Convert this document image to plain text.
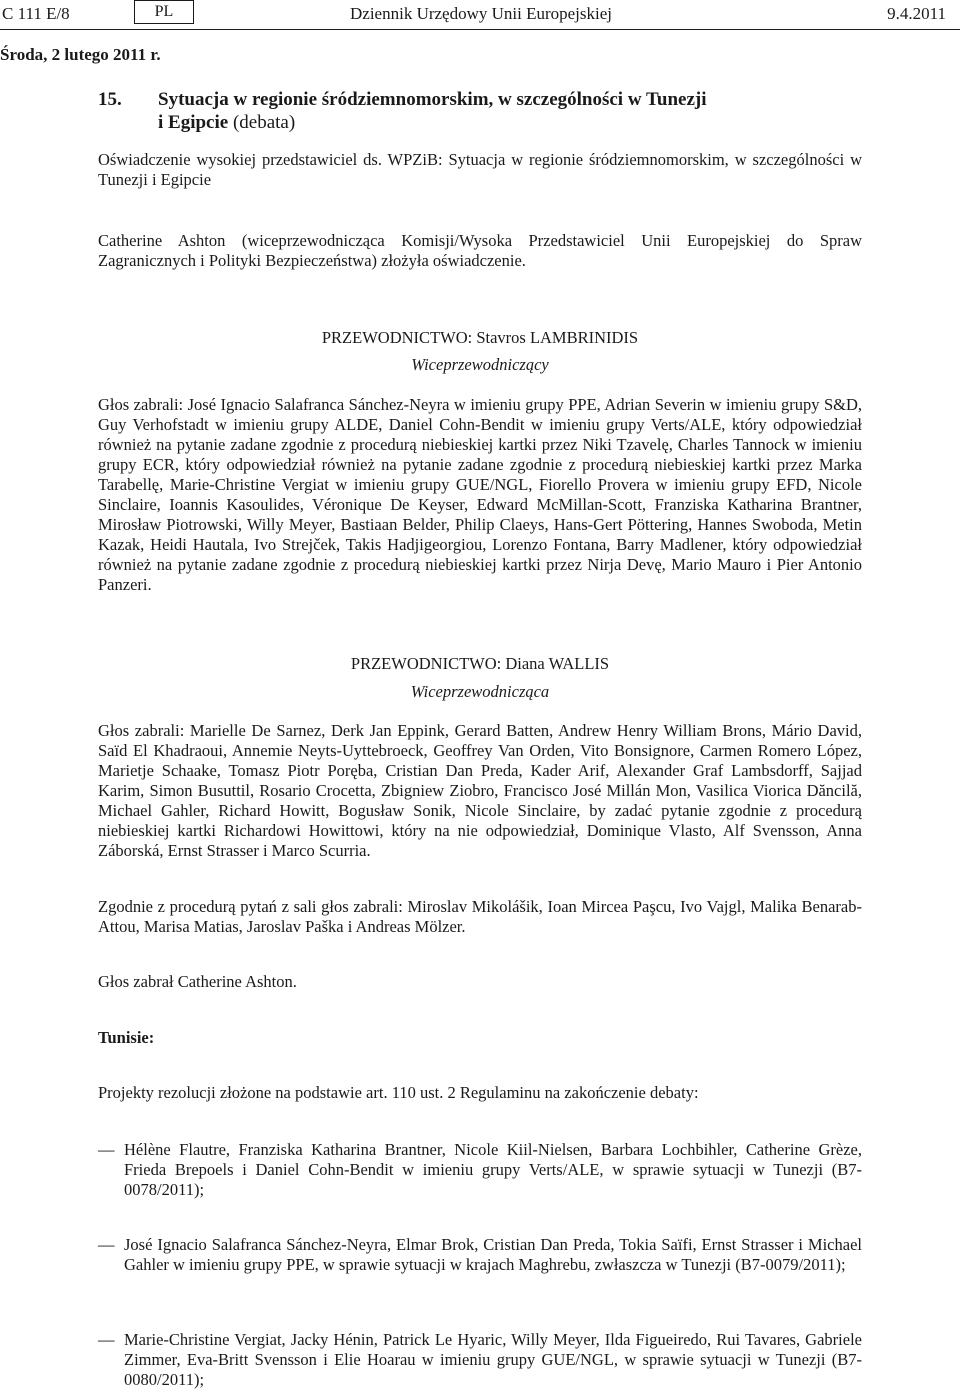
C 111 E/8	PL	Dziennik Urzędowy Unii Europejskiej	9.4.2011
Środa, 2 lutego 2011 r.
15. Sytuacja w regionie śródziemnomorskim, w szczególności w Tunezji
i Egipcie (debata)
Oświadczenie wysokiej przedstawiciel ds. WPZiB: Sytuacja w regionie śródziemnomorskim, w szczególności w Tunezji i Egipcie
Catherine Ashton (wiceprzewodnicząca Komisji/Wysoka Przedstawiciel Unii Europejskiej do Spraw Zagranicznych i Polityki Bezpieczeństwa) złożyła oświadczenie.
PRZEWODNICTWO: Stavros LAMBRINIDIS
Wiceprzewodniczący
Głos zabrali: José Ignacio Salafranca Sánchez-Neyra w imieniu grupy PPE, Adrian Severin w imieniu grupy S&D, Guy Verhofstadt w imieniu grupy ALDE, Daniel Cohn-Bendit w imieniu grupy Verts/ALE, który odpowiedział również na pytanie zadane zgodnie z procedurą niebieskiej kartki przez Niki Tzavelę, Charles Tannock w imieniu grupy ECR, który odpowiedział również na pytanie zadane zgodnie z procedurą niebieskiej kartki przez Marka Tarabellę, Marie-Christine Vergiat w imieniu grupy GUE/NGL, Fiorello Provera w imieniu grupy EFD, Nicole Sinclaire, Ioannis Kasoulides, Véronique De Keyser, Edward McMillan-Scott, Franziska Katharina Brantner, Mirosław Piotrowski, Willy Meyer, Bastiaan Belder, Philip Claeys, Hans-Gert Pöttering, Hannes Swoboda, Metin Kazak, Heidi Hautala, Ivo Strejček, Takis Hadjigeorgiou, Lorenzo Fontana, Barry Madlener, który odpowiedział również na pytanie zadane zgodnie z procedurą niebieskiej kartki przez Nirja Devę, Mario Mauro i Pier Antonio Panzeri.
PRZEWODNICTWO: Diana WALLIS
Wiceprzewodnicząca
Głos zabrali: Marielle De Sarnez, Derk Jan Eppink, Gerard Batten, Andrew Henry William Brons, Mário David, Saïd El Khadraoui, Annemie Neyts-Uyttebroeck, Geoffrey Van Orden, Vito Bonsignore, Carmen Romero López, Marietje Schaake, Tomasz Piotr Poręba, Cristian Dan Preda, Kader Arif, Alexander Graf Lambsdorff, Sajjad Karim, Simon Busuttil, Rosario Crocetta, Zbigniew Ziobro, Francisco José Millán Mon, Vasilica Viorica Dăncilă, Michael Gahler, Richard Howitt, Bogusław Sonik, Nicole Sinclaire, by zadać pytanie zgodnie z procedurą niebieskiej kartki Richardowi Howittowi, który na nie odpowiedział, Dominique Vlasto, Alf Svensson, Anna Záborská, Ernst Strasser i Marco Scurria.
Zgodnie z procedurą pytań z sali głos zabrali: Miroslav Mikolášik, Ioan Mircea Paşcu, Ivo Vajgl, Malika Benarab-Attou, Marisa Matias, Jaroslav Paška i Andreas Mölzer.
Głos zabrał Catherine Ashton.
Tunisie:
Projekty rezolucji złożone na podstawie art. 110 ust. 2 Regulaminu na zakończenie debaty:
— Hélène Flautre, Franziska Katharina Brantner, Nicole Kiil-Nielsen, Barbara Lochbihler, Catherine Grèze, Frieda Brepoels i Daniel Cohn-Bendit w imieniu grupy Verts/ALE, w sprawie sytuacji w Tunezji (B7-0078/2011);
— José Ignacio Salafranca Sánchez-Neyra, Elmar Brok, Cristian Dan Preda, Tokia Saïfi, Ernst Strasser i Michael Gahler w imieniu grupy PPE, w sprawie sytuacji w krajach Maghrebu, zwłaszcza w Tunezji (B7-0079/2011);
— Marie-Christine Vergiat, Jacky Hénin, Patrick Le Hyaric, Willy Meyer, Ilda Figueiredo, Rui Tavares, Gabriele Zimmer, Eva-Britt Svensson i Elie Hoarau w imieniu grupy GUE/NGL, w sprawie sytuacji w Tunezji (B7-0080/2011);
